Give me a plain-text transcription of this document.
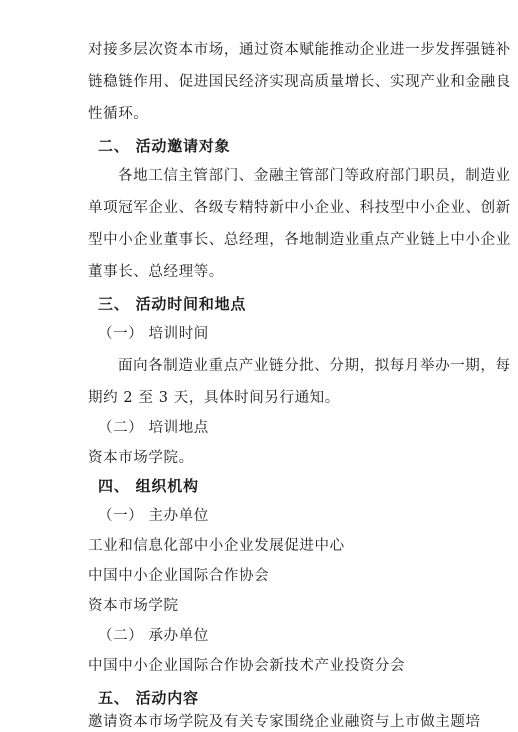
对接多层次资本市场，通过资本赋能推动企业进一步发挥强链补
链稳链作用、促进国民经济实现高质量增长、实现产业和金融良
性循环。
二、 活动邀请对象
各地工信主管部门、金融主管部门等政府部门职员，制造业
单项冠军企业、各级专精特新中小企业、科技型中小企业、创新
型中小企业董事长、总经理，各地制造业重点产业链上中小企业
董事长、总经理等。
三、 活动时间和地点
（一） 培训时间
面向各制造业重点产业链分批、分期，拟每月举办一期，每
期约 2 至 3 天，具体时间另行通知。
（二） 培训地点
资本市场学院。
四、 组织机构
（一） 主办单位
工业和信息化部中小企业发展促进中心
中国中小企业国际合作协会
资本市场学院
（二） 承办单位
中国中小企业国际合作协会新技术产业投资分会
五、 活动内容
邀请资本市场学院及有关专家围绕企业融资与上市做主题培
